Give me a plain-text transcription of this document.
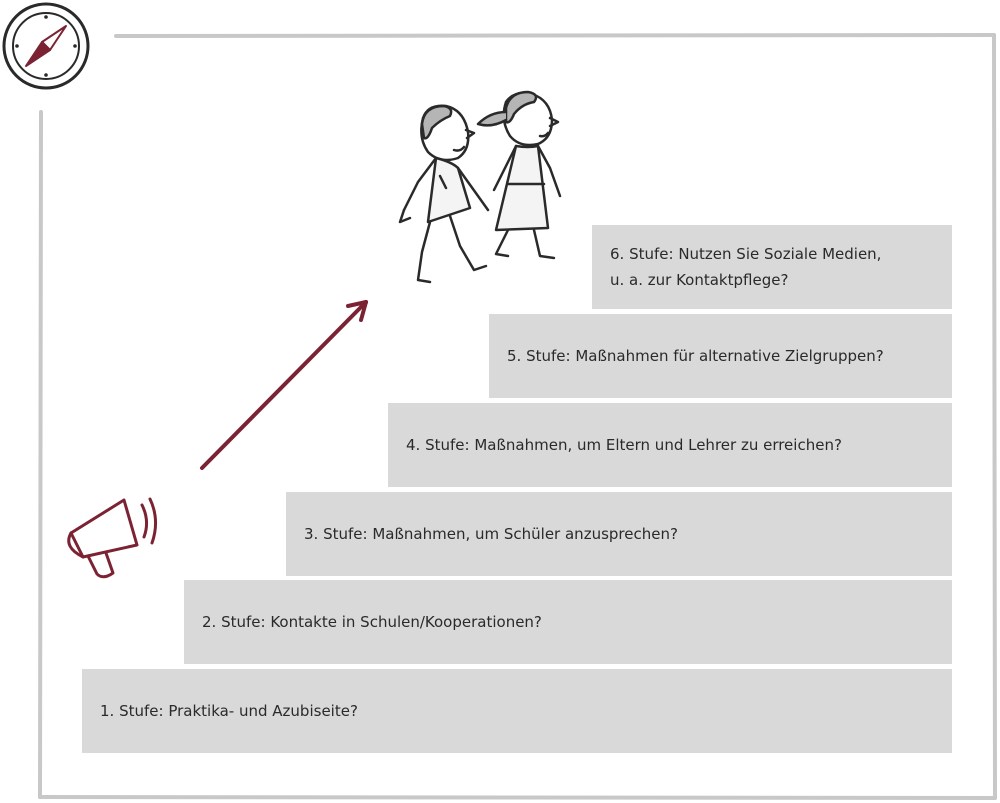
1. Stufe: Praktika- und Azubiseite?
2. Stufe: Kontakte in Schulen/Kooperationen?
3. Stufe: Maßnahmen, um Schüler anzusprechen?
4. Stufe: Maßnahmen, um Eltern und Lehrer zu erreichen?
5. Stufe: Maßnahmen für alternative Zielgruppen?
6. Stufe: Nutzen Sie Soziale Medien,
u. a. zur Kontaktpflege?
